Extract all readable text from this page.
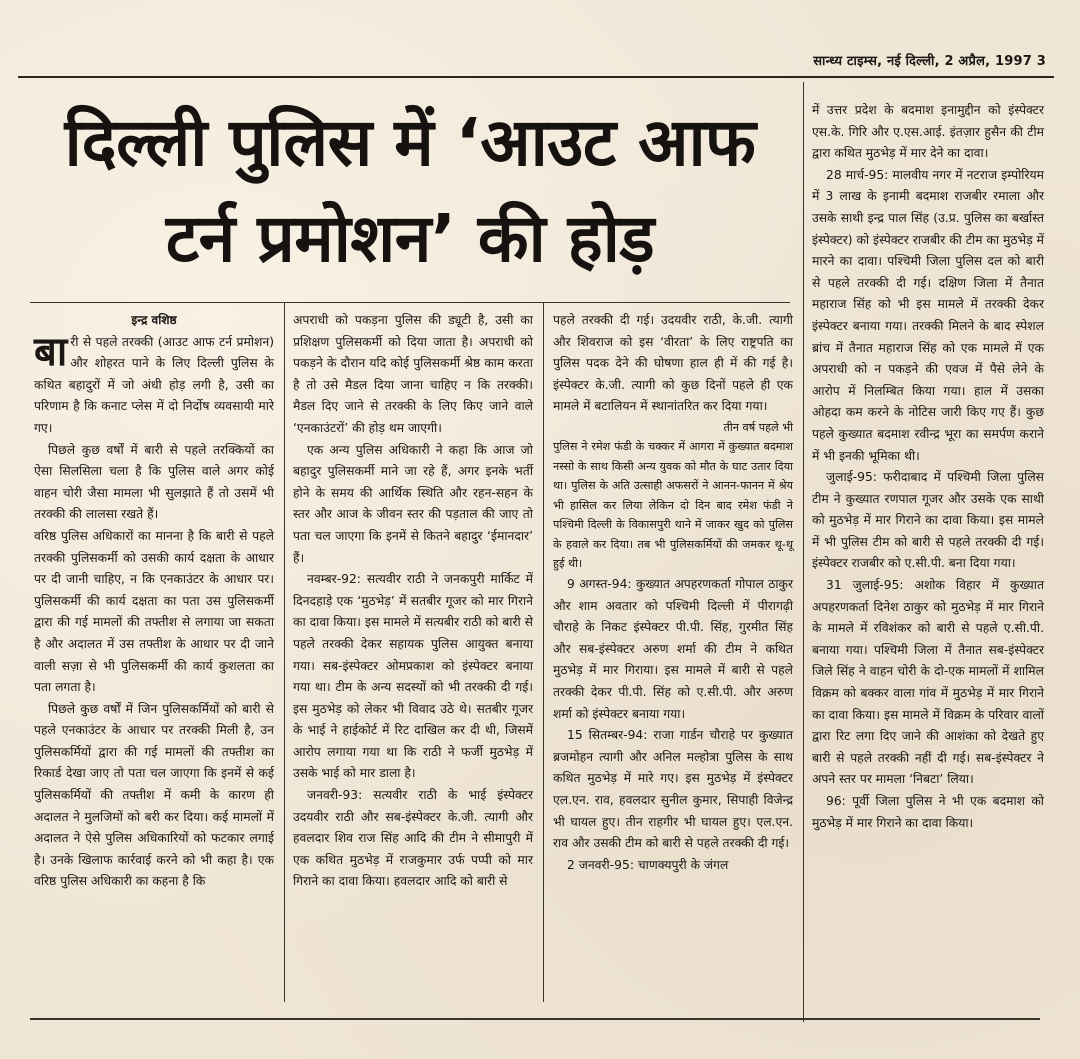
सान्ध्य टाइम्स, नई दिल्ली, 2 अप्रैल, 1997 3
दिल्ली पुलिस में ‘आउट आफ
टर्न प्रमोशन’ की होड़

इन्द्र वशिष्ठ

बारी से पहले तरक्की (आउट आफ टर्न प्रमोशन) और शोहरत पाने के लिए दिल्ली पुलिस के कथित बहादुरों में जो अंधी होड़ लगी है, उसी का परिणाम है कि कनाट प्लेस में दो निर्दोष व्यवसायी मारे गए।

पिछले कुछ वर्षों में बारी से पहले तरक्कियों का ऐसा सिलसिला चला है कि पुलिस वाले अगर कोई वाहन चोरी जैसा मामला भी सुलझाते हैं तो उसमें भी तरक्की की लालसा रखते हैं।

वरिष्ठ पुलिस अधिकारों का मानना है कि बारी से पहले तरक्की पुलिसकर्मी को उसकी कार्य दक्षता के आधार पर दी जानी चाहिए, न कि एनकाउंटर के आधार पर। पुलिसकर्मी की कार्य दक्षता का पता उस पुलिसकर्मी द्वारा की गई मामलों की तफ्तीश से लगाया जा सकता है और अदालत में उस तफ्तीश के आधार पर दी जाने वाली सज़ा से भी पुलिसकर्मी की कार्य कुशलता का पता लगता है।

पिछले कुछ वर्षों में जिन पुलिसकर्मियों को बारी से पहले एनकाउंटर के आधार पर तरक्की मिली है, उन पुलिसकर्मियों द्वारा की गई मामलों की तफ्तीश का रिकार्ड देखा जाए तो पता चल जाएगा कि इनमें से कई पुलिसकर्मियों की तफ्तीश में कमी के कारण ही अदालत ने मुलजिमों को बरी कर दिया। कई मामलों में अदालत ने ऐसे पुलिस अधिकारियों को फटकार लगाई है। उनके खिलाफ कार्रवाई करने को भी कहा है। एक वरिष्ठ पुलिस अधिकारी का कहना है कि

अपराधी को पकड़ना पुलिस की ड्यूटी है, उसी का प्रशिक्षण पुलिसकर्मी को दिया जाता है। अपराधी को पकड़ने के दौरान यदि कोई पुलिसकर्मी श्रेष्ठ काम करता है तो उसे मैडल दिया जाना चाहिए न कि तरक्की। मैडल दिए जाने से तरक्की के लिए किए जाने वाले ‘एनकाउंटरों’ की होड़ थम जाएगी।

एक अन्य पुलिस अधिकारी ने कहा कि आज जो बहादुर पुलिसकर्मी माने जा रहे हैं, अगर इनके भर्ती होने के समय की आर्थिक स्थिति और रहन-सहन के स्तर और आज के जीवन स्तर की पड़ताल की जाए तो पता चल जाएगा कि इनमें से कितने बहादुर ‘ईमानदार’ हैं।

नवम्बर-92: सत्यवीर राठी ने जनकपुरी मार्किट में दिनदहाड़े एक ‘मुठभेड़’ में सतबीर गूजर को मार गिराने का दावा किया। इस मामले में सत्यबीर राठी को बारी से पहले तरक्की देकर सहायक पुलिस आयुक्त बनाया गया। सब-इंस्पेक्टर ओमप्रकाश को इंस्पेक्टर बनाया गया था। टीम के अन्य सदस्यों को भी तरक्की दी गई। इस मुठभेड़ को लेकर भी विवाद उठे थे। सतबीर गूजर के भाई ने हाईकोर्ट में रिट दाखिल कर दी थी, जिसमें आरोप लगाया गया था कि राठी ने फर्जी मुठभेड़ में उसके भाई को मार डाला है।

जनवरी-93: सत्यवीर राठी के भाई इंस्पेक्टर उदयवीर राठी और सब-इंस्पेक्टर के.जी. त्यागी और हवलदार शिव राज सिंह आदि की टीम ने सीमापुरी में एक कथित मुठभेड़ में राजकुमार उर्फ पप्पी को मार गिराने का दावा किया। हवलदार आदि को बारी से

पहले तरक्की दी गई। उदयवीर राठी, के.जी. त्यागी और शिवराज को इस ‘वीरता’ के लिए राष्ट्रपति का पुलिस पदक देने की घोषणा हाल ही में की गई है। इंस्पेक्टर के.जी. त्यागी को कुछ दिनों पहले ही एक मामले में बटालियन में स्थानांतरित कर दिया गया।

तीन वर्ष पहले भी

पुलिस ने रमेश फंडी के चक्कर में आगरा में कुख्यात बदमाश नस्सो के साथ किसी अन्य युवक को मौत के घाट उतार दिया था। पुलिस के अति उत्साही अफसरों ने आनन-फानन में श्रेय भी हासिल कर लिया लेकिन दो दिन बाद रमेश फंडी ने पश्चिमी दिल्ली के विकासपुरी थाने में जाकर खुद को पुलिस के हवाले कर दिया। तब भी पुलिसकर्मियों की जमकर थू-थू हुई थी।

9 अगस्त-94: कुख्यात अपहरणकर्ता गोपाल ठाकुर और शाम अवतार को पश्चिमी दिल्ली में पीरागढ़ी चौराहे के निकट इंस्पेक्टर पी.पी. सिंह, गुरमीत सिंह और सब-इंस्पेक्टर अरुण शर्मा की टीम ने कथित मुठभेड़ में मार गिराया। इस मामले में बारी से पहले तरक्की देकर पी.पी. सिंह को ए.सी.पी. और अरुण शर्मा को इंस्पेक्टर बनाया गया।

15 सितम्बर-94: राजा गार्डन चौराहे पर कुख्यात ब्रजमोहन त्यागी और अनिल मल्होत्रा पुलिस के साथ कथित मुठभेड़ में मारे गए। इस मुठभेड़ में इंस्पेक्टर एल.एन. राव, हवलदार सुनील कुमार, सिपाही विजेन्द्र भी घायल हुए। तीन राहगीर भी घायल हुए। एल.एन. राव और उसकी टीम को बारी से पहले तरक्की दी गई।

2 जनवरी-95: चाणक्यपुरी के जंगल

में उत्तर प्रदेश के बदमाश इनामुद्दीन को इंस्पेक्टर एस.के. गिरि और ए.एस.आई. इंतज़ार हुसैन की टीम द्वारा कथित मुठभेड़ में मार देने का दावा।

28 मार्च-95: मालवीय नगर में नटराज इम्पोरियम में 3 लाख के इनामी बदमाश राजबीर रमाला और उसके साथी इन्द्र पाल सिंह (उ.प्र. पुलिस का बर्खास्त इंस्पेक्टर) को इंस्पेक्टर राजबीर की टीम का मुठभेड़ में मारने का दावा। पश्चिमी जिला पुलिस दल को बारी से पहले तरक्की दी गई। दक्षिण जिला में तैनात महाराज सिंह को भी इस मामले में तरक्की देकर इंस्पेक्टर बनाया गया। तरक्की मिलने के बाद स्पेशल ब्रांच में तैनात महाराज सिंह को एक मामले में एक अपराधी को न पकड़ने की एवज में पैसे लेने के आरोप में निलम्बित किया गया। हाल में उसका ओहदा कम करने के नोटिस जारी किए गए हैं। कुछ पहले कुख्यात बदमाश रवीन्द्र भूरा का समर्पण कराने में भी इनकी भूमिका थी।

जुलाई-95: फरीदाबाद में पश्चिमी जिला पुलिस टीम ने कुख्यात रणपाल गूजर और उसके एक साथी को मुठभेड़ में मार गिराने का दावा किया। इस मामले में भी पुलिस टीम को बारी से पहले तरक्की दी गई। इंस्पेक्टर राजबीर को ए.सी.पी. बना दिया गया।

31 जुलाई-95: अशोक विहार में कुख्यात अपहरणकर्ता दिनेश ठाकुर को मुठभेड़ में मार गिराने के मामले में रविशंकर को बारी से पहले ए.सी.पी. बनाया गया। पश्चिमी जिला में तैनात सब-इंस्पेक्टर जिले सिंह ने वाहन चोरी के दो-एक मामलों में शामिल विक्रम को बक्कर वाला गांव में मुठभेड़ में मार गिराने का दावा किया। इस मामले में विक्रम के परिवार वालों द्वारा रिट लगा दिए जाने की आशंका को देखते हुए बारी से पहले तरक्की नहीं दी गई। सब-इंस्पेक्टर ने अपने स्तर पर मामला ‘निबटा’ लिया।

96: पूर्वी जिला पुलिस ने भी एक बदमाश को मुठभेड़ में मार गिराने का दावा किया।
